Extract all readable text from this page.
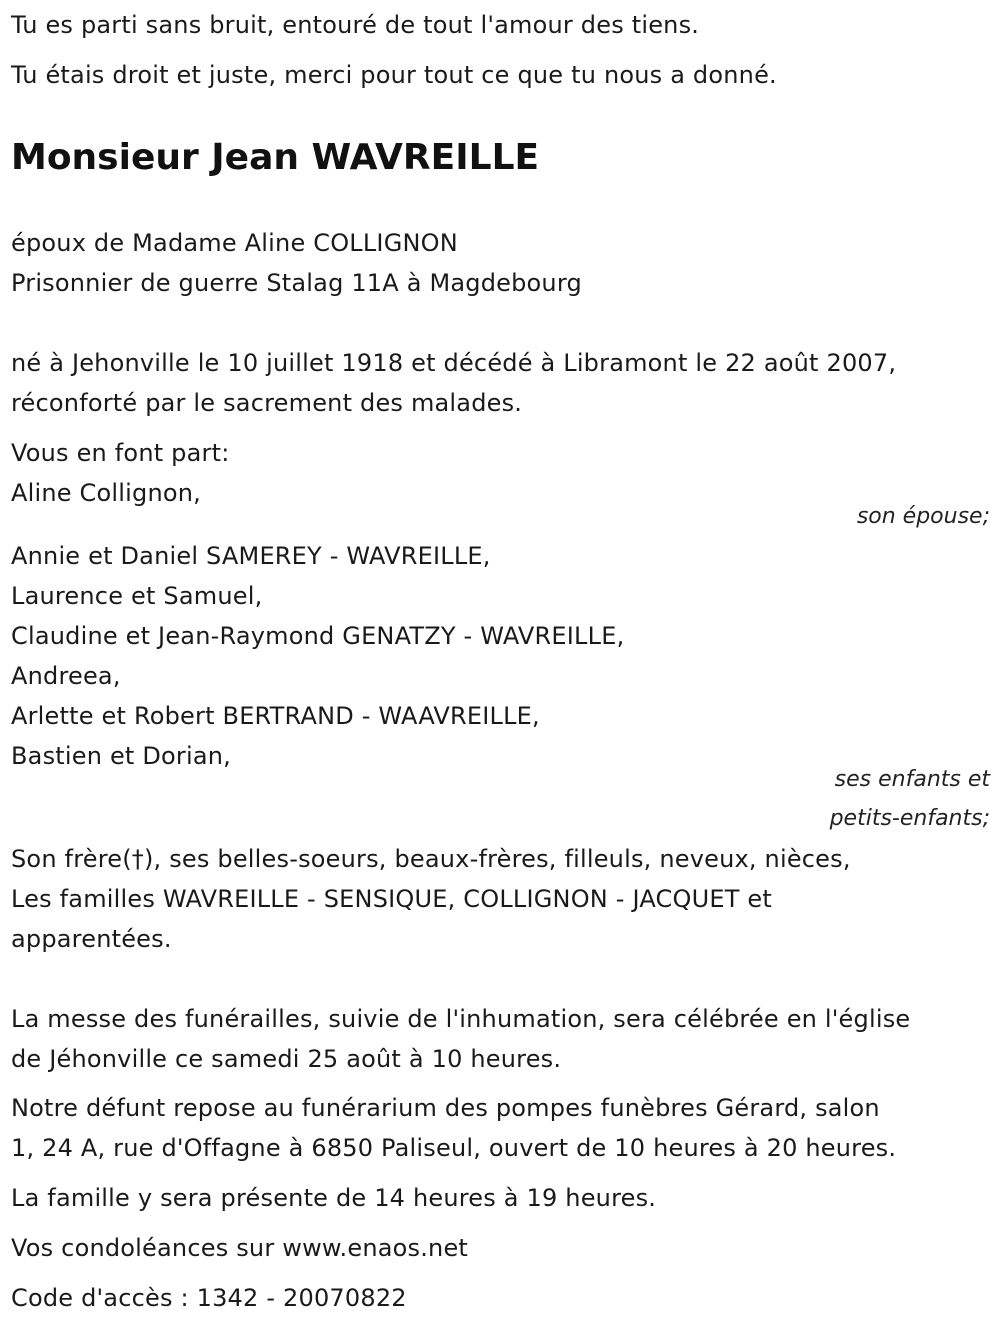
Tu es parti sans bruit, entouré de tout l'amour des tiens.
Tu étais droit et juste, merci pour tout ce que tu nous a donné.
Monsieur Jean WAVREILLE
époux de Madame Aline COLLIGNON
Prisonnier de guerre Stalag 11A à Magdebourg
né à Jehonville le 10 juillet 1918 et décédé à Libramont le 22 août 2007,
réconforté par le sacrement des malades.
Vous en font part:
Aline Collignon,
son épouse;
Annie et Daniel SAMEREY - WAVREILLE,
Laurence et Samuel,
Claudine et Jean-Raymond GENATZY - WAVREILLE,
Andreea,
Arlette et Robert BERTRAND - WAAVREILLE,
Bastien et Dorian,
ses enfants et
petits-enfants;
Son frère(†), ses belles-soeurs, beaux-frères, filleuls, neveux, nièces,
Les familles WAVREILLE - SENSIQUE, COLLIGNON - JACQUET et
apparentées.
La messe des funérailles, suivie de l'inhumation, sera célébrée en l'église
de Jéhonville ce samedi 25 août à 10 heures.
Notre défunt repose au funérarium des pompes funèbres Gérard, salon
1, 24 A, rue d'Offagne à 6850 Paliseul, ouvert de 10 heures à 20 heures.
La famille y sera présente de 14 heures à 19 heures.
Vos condoléances sur www.enaos.net
Code d'accès : 1342 - 20070822
